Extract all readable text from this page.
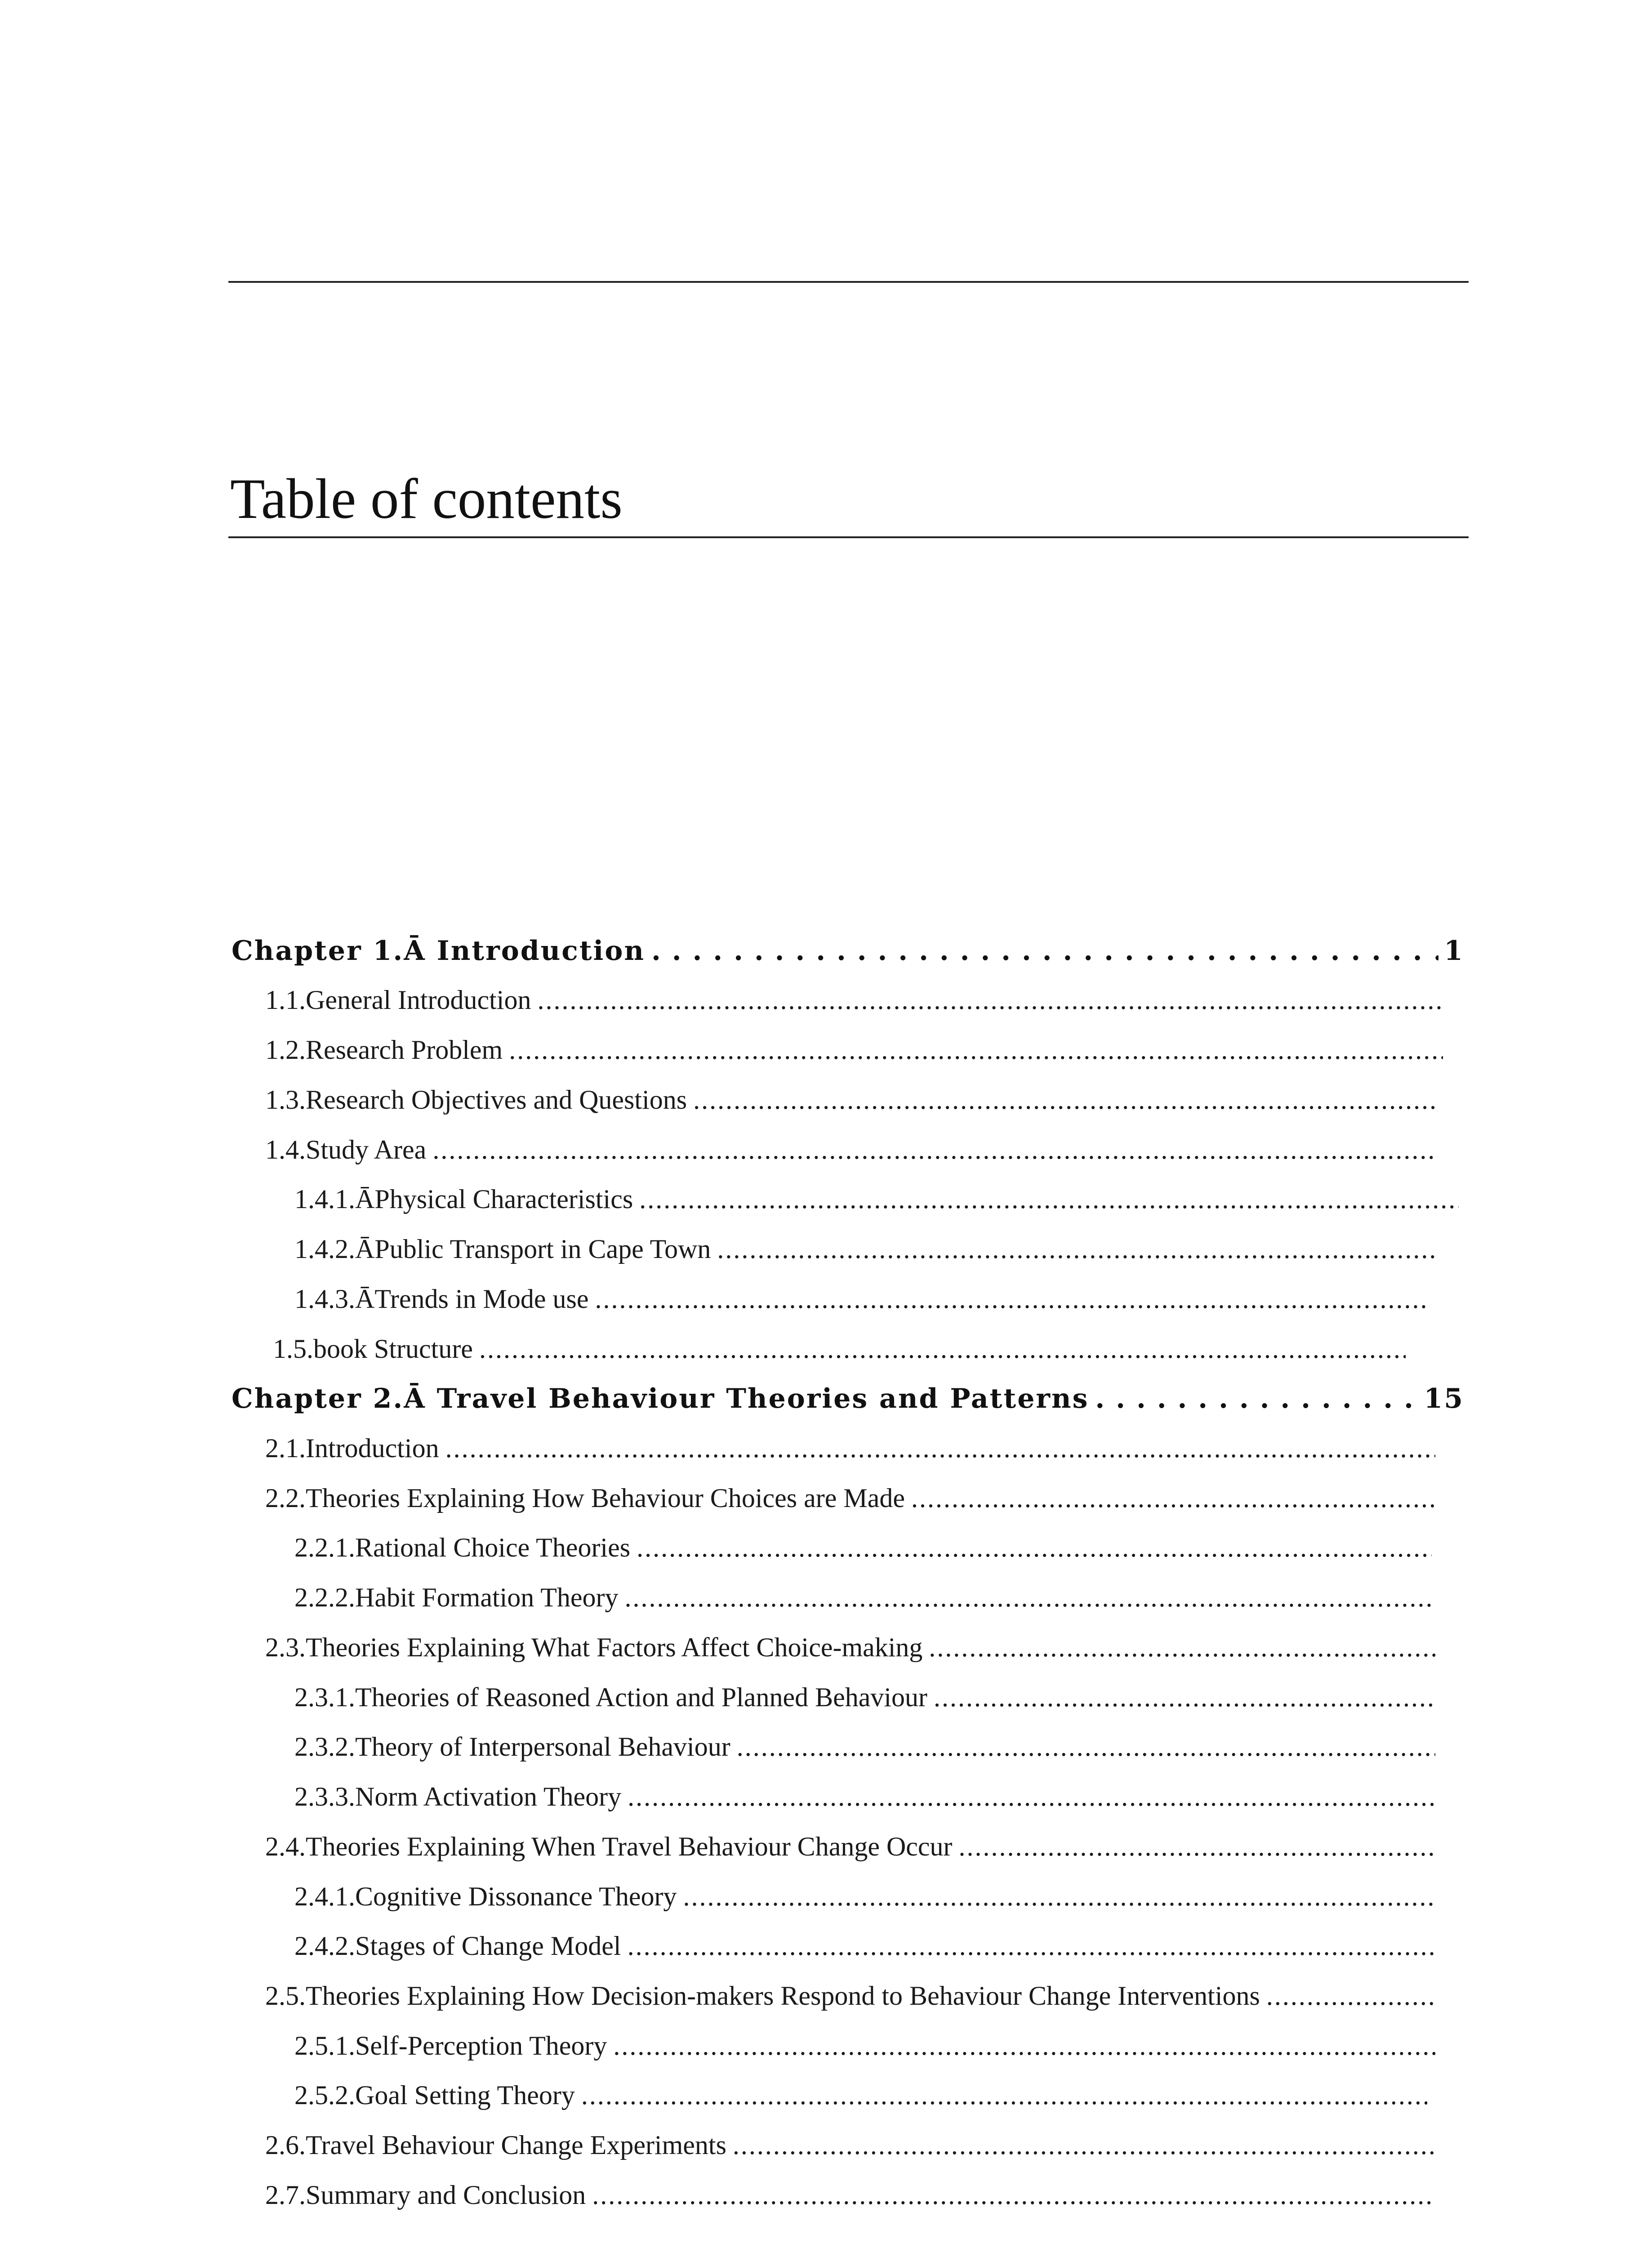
Table of contents
Chapter 1.Ā Introduction . . .	1
1.1. General Introduction
. . .
1.2. Research Problem
. . .
1.3. Research Objectives and Questions
. . .
1.4. Study Area
. . .
1.4.1.Ā Physical Characteristics
. . .
1.4.2.Ā Public Transport in Cape Town
. . .
1.4.3.Ā Trends in Mode use
. . .
1.5. book Structure
. . .
Chapter 2.Ā Travel Behaviour Theories and Patterns . . .	15
2.1. Introduction
. . .
2.2. Theories Explaining How Behaviour Choices are Made
. . .
2.2.1. Rational Choice Theories
. . .
2.2.2. Habit Formation Theory
. . .
2.3. Theories Explaining What Factors Affect Choice-making
. . .
2.3.1. Theories of Reasoned Action and Planned Behaviour
. . .
2.3.2. Theory of Interpersonal Behaviour
. . .
2.3.3. Norm Activation Theory
. . .
2.4. Theories Explaining When Travel Behaviour Change Occur
. . .
2.4.1. Cognitive Dissonance Theory
. . .
2.4.2. Stages of Change Model
. . .
2.5. Theories Explaining How Decision-makers Respond to Behaviour Change Interventions
. . .
2.5.1. Self-Perception Theory
. . .
2.5.2. Goal Setting Theory
. . .
2.6. Travel Behaviour Change Experiments
. . .
2.7. Summary and Conclusion
. . .
